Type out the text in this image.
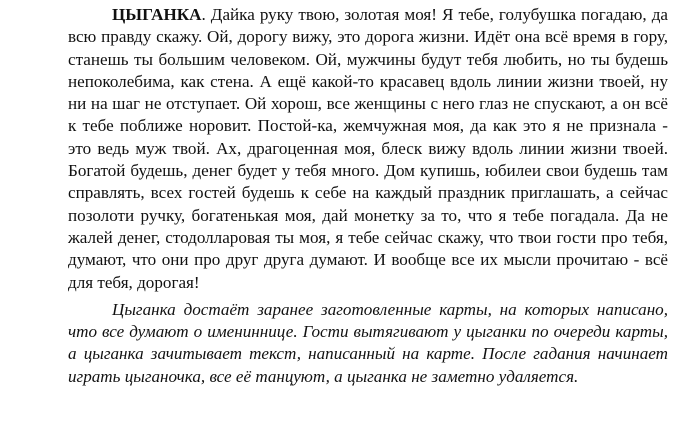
ЦЫГАНКА. Дайка руку твою, золотая моя! Я тебе, голубушка погадаю, да всю правду скажу. Ой, дорогу вижу, это дорога жизни. Идёт она всё время в гору, станешь ты большим человеком. Ой, мужчины будут тебя любить, но ты будешь непоколебима, как стена. А ещё какой-то красавец вдоль линии жизни твоей, ну ни на шаг не отступает. Ой хорош, все женщины с него глаз не спускают, а он всё к тебе поближе норовит. Постой-ка, жемчужная моя, да как это я не признала - это ведь муж твой. Ах, драгоценная моя, блеск вижу вдоль линии жизни твоей. Богатой будешь, денег будет у тебя много. Дом купишь, юбилеи свои будешь там справлять, всех гостей будешь к себе на каждый праздник приглашать, а сейчас позолоти ручку, богатенькая моя, дай монетку за то, что я тебе погадала. Да не жалей денег, стодолларовая ты моя, я тебе сейчас скажу, что твои гости про тебя, думают, что они про друг друга думают. И вообще все их мысли прочитаю - всё для тебя, дорогая!

Цыганка достаёт заранее заготовленные карты, на которых написано, что все думают о имениннице. Гости вытягивают у цыганки по очереди карты, а цыганка зачитывает текст, написанный на карте. После гадания начинает играть цыганочка, все её танцуют, а цыганка не заметно удаляется.
